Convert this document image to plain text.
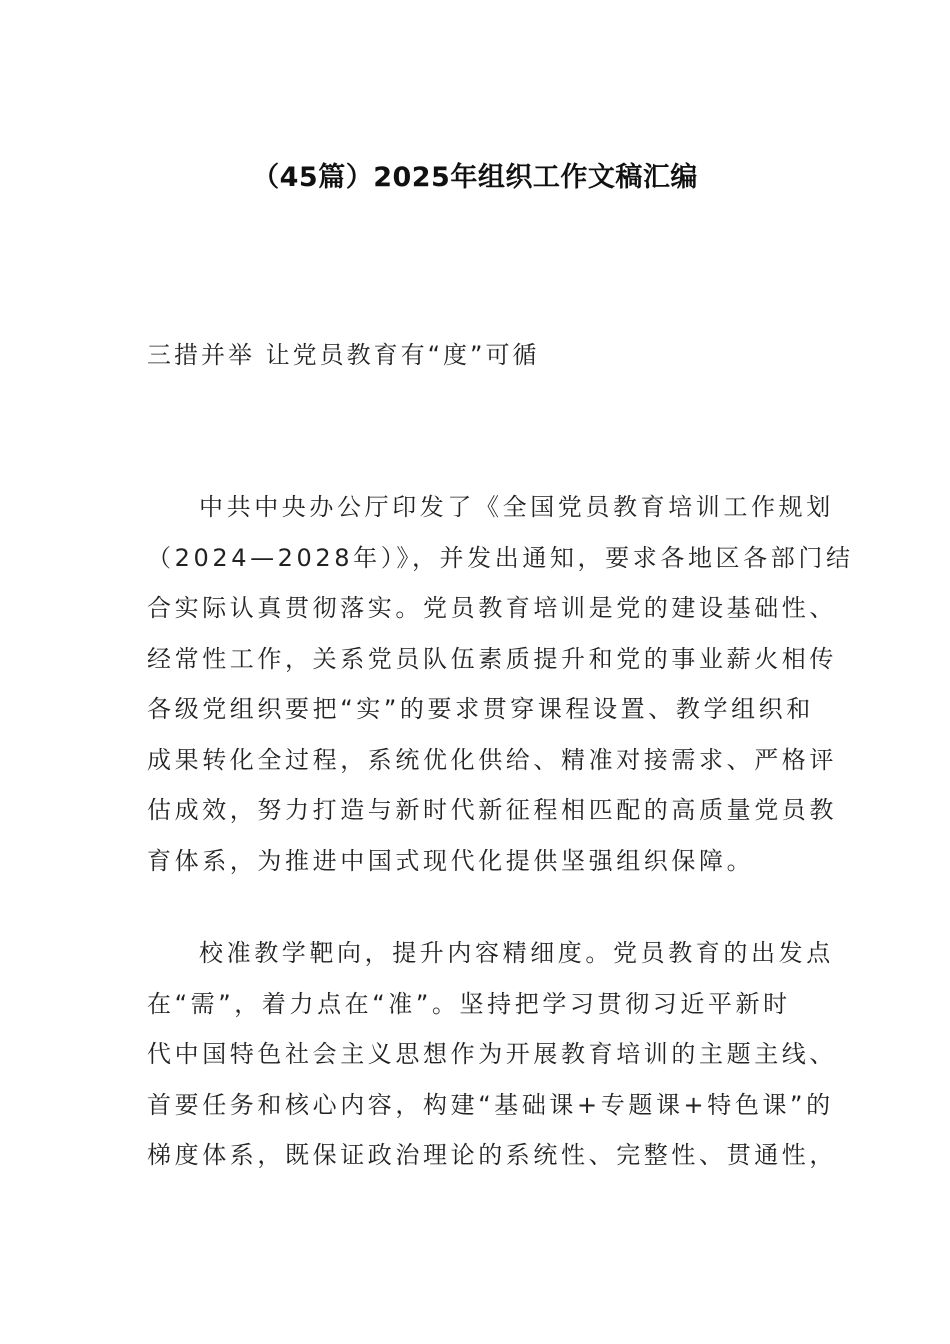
（45篇）2025年组织工作文稿汇编
三措并举 让党员教育有“度”可循

中共中央办公厅印发了《全国党员教育培训工作规划
（2024—2028年）》，并发出通知，要求各地区各部门结
合实际认真贯彻落实。党员教育培训是党的建设基础性、
经常性工作，关系党员队伍素质提升和党的事业薪火相传
各级党组织要把“实”的要求贯穿课程设置、教学组织和
成果转化全过程，系统优化供给、精准对接需求、严格评
估成效，努力打造与新时代新征程相匹配的高质量党员教
育体系，为推进中国式现代化提供坚强组织保障。

校准教学靶向，提升内容精细度。党员教育的出发点
在“需”，着力点在“准”。坚持把学习贯彻习近平新时
代中国特色社会主义思想作为开展教育培训的主题主线、
首要任务和核心内容，构建“基础课+专题课+特色课”的
梯度体系，既保证政治理论的系统性、完整性、贯通性，
